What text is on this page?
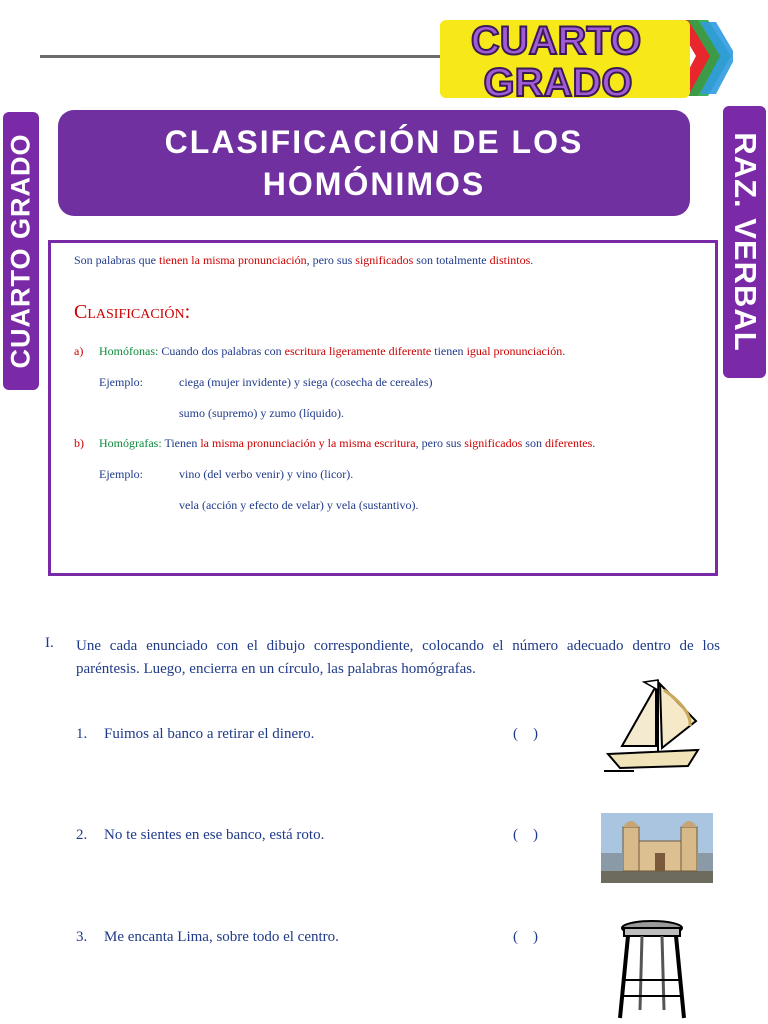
CUARTO
GRADO
CUARTO GRADO	RAZ. VERBAL
CLASIFICACIÓN DE LOS
HOMÓNIMOS
Son palabras que tienen la misma pronunciación, pero sus significados son totalmente distintos.
Clasificación:
a) Homófonas: Cuando dos palabras con escritura ligeramente diferente tienen igual pronunciación.
Ejemplo:	ciega (mujer invidente) y siega (cosecha de cereales)
sumo (supremo) y zumo (líquido).
b) Homógrafas: Tienen la misma pronunciación y la misma escritura, pero sus significados son diferentes.
Ejemplo:	vino (del verbo venir) y vino (licor).
vela (acción y efecto de velar) y vela (sustantivo).
I. Une cada enunciado con el dibujo correspondiente, colocando el número adecuado dentro de los paréntesis. Luego, encierra en un círculo, las palabras homógrafas.
1. Fuimos al banco a retirar el dinero.	(    )
2. No te sientes en ese banco, está roto.	(    )
3. Me encanta Lima, sobre todo el centro.	(    )
